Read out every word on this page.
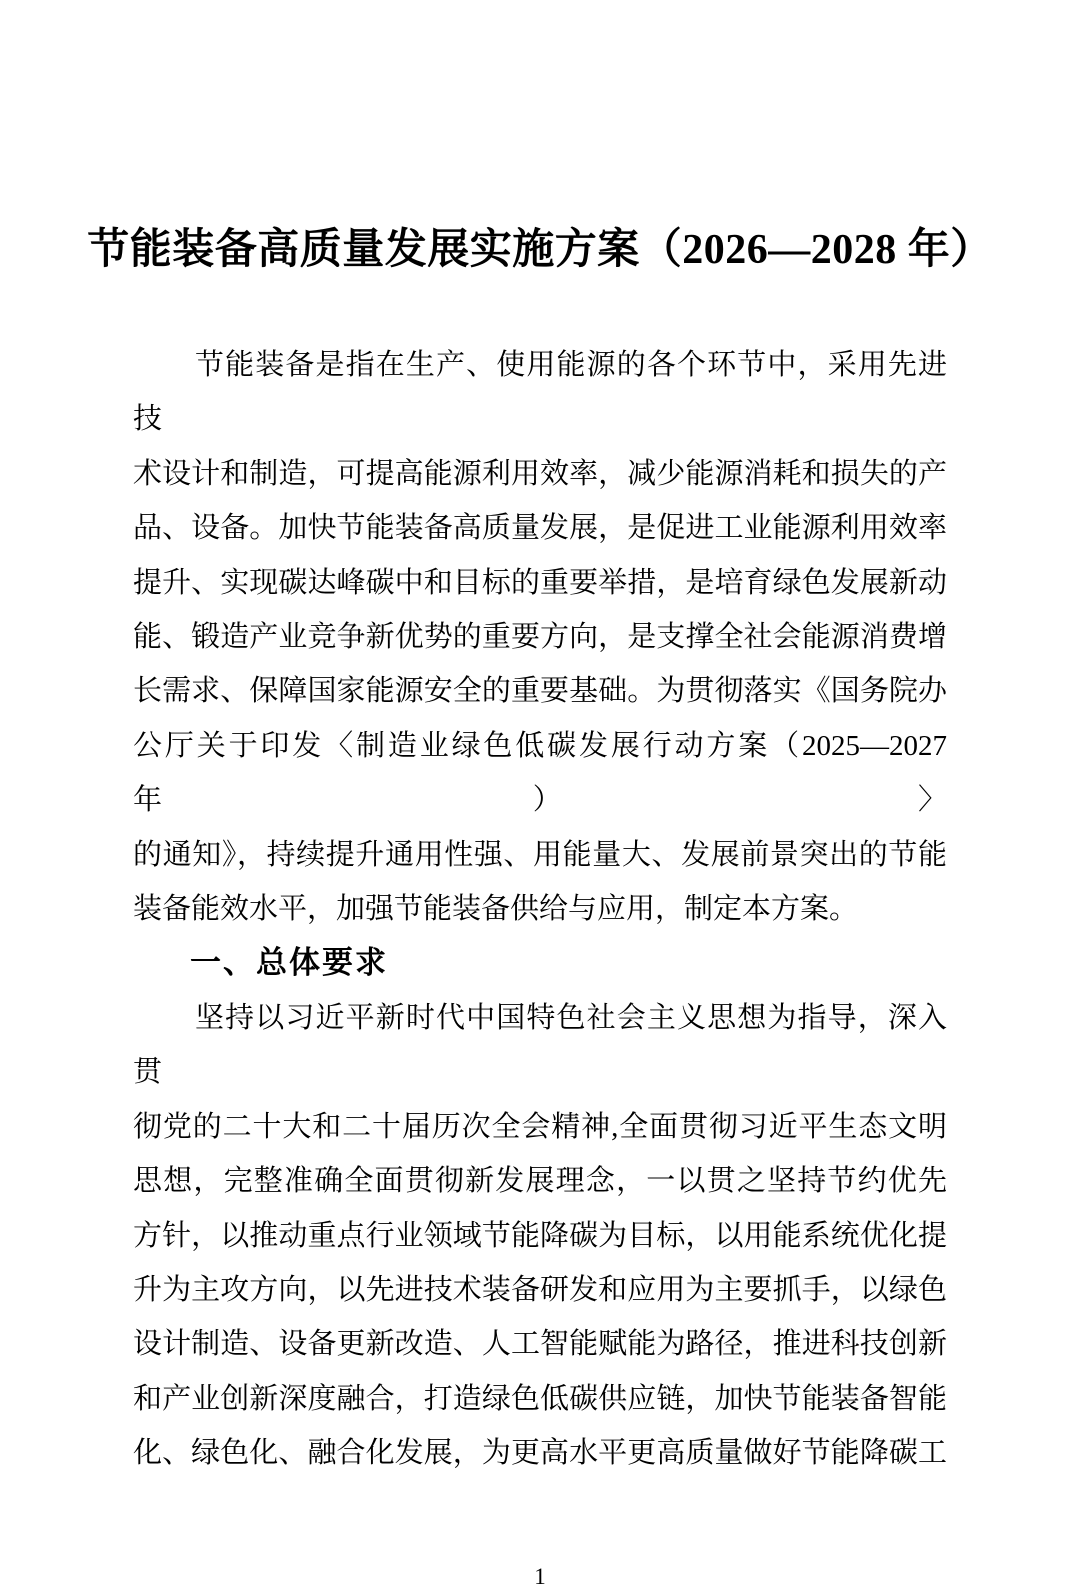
节能装备高质量发展实施方案（2026—2028 年）
节能装备是指在生产、使用能源的各个环节中，采用先进技
术设计和制造，可提高能源利用效率，减少能源消耗和损失的产
品、设备。加快节能装备高质量发展，是促进工业能源利用效率
提升、实现碳达峰碳中和目标的重要举措，是培育绿色发展新动
能、锻造产业竞争新优势的重要方向，是支撑全社会能源消费增
长需求、保障国家能源安全的重要基础。为贯彻落实《国务院办
公厅关于印发〈制造业绿色低碳发展行动方案（2025—2027 年）〉
的通知》，持续提升通用性强、用能量大、发展前景突出的节能
装备能效水平，加强节能装备供给与应用，制定本方案。
一、总体要求
坚持以习近平新时代中国特色社会主义思想为指导，深入贯
彻党的二十大和二十届历次全会精神,全面贯彻习近平生态文明
思想，完整准确全面贯彻新发展理念，一以贯之坚持节约优先
方针，以推动重点行业领域节能降碳为目标，以用能系统优化提
升为主攻方向，以先进技术装备研发和应用为主要抓手，以绿色
设计制造、设备更新改造、人工智能赋能为路径，推进科技创新
和产业创新深度融合，打造绿色低碳供应链，加快节能装备智能
化、绿色化、融合化发展，为更高水平更高质量做好节能降碳工
1
